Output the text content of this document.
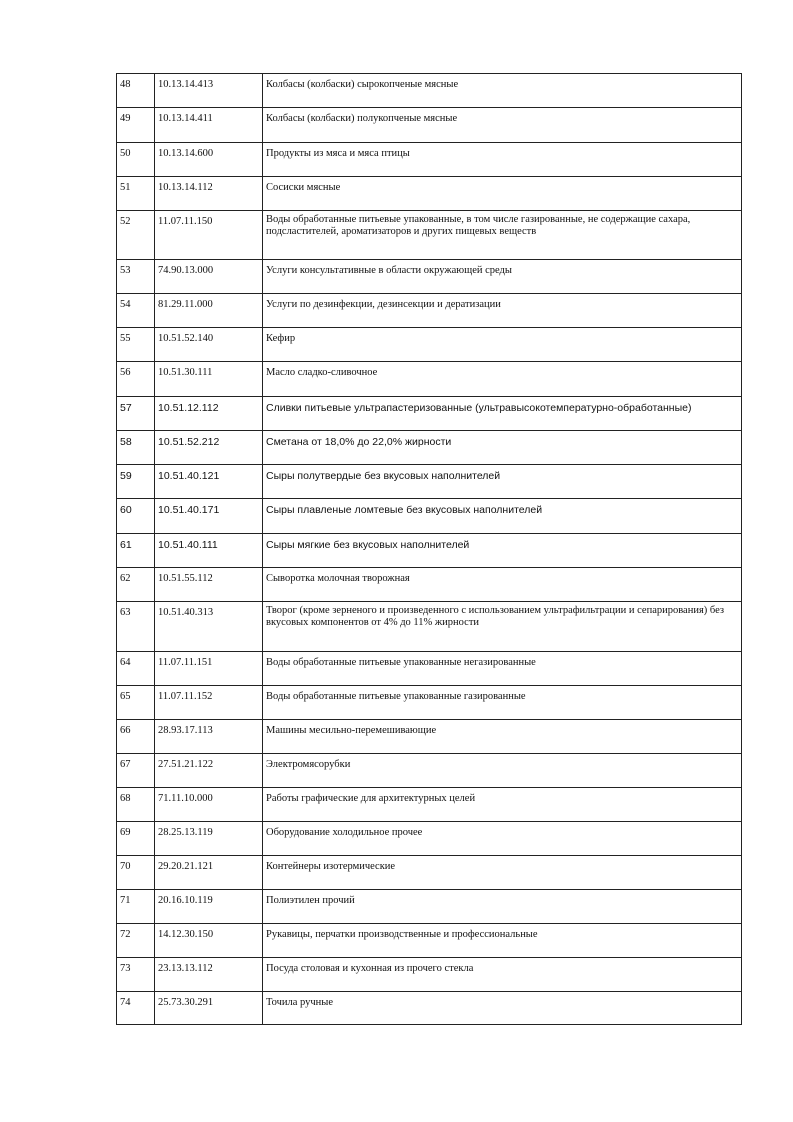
48	10.13.14.413	Колбасы (колбаски) сырокопченые мясные
49	10.13.14.411	Колбасы (колбаски) полукопченые мясные
50	10.13.14.600	Продукты из мяса и мяса птицы
51	10.13.14.112	Сосиски мясные
52	11.07.11.150	Воды обработанные питьевые упакованные, в том числе газированные, не содержащие сахара, подсластителей, ароматизаторов и других пищевых веществ
53	74.90.13.000	Услуги консультативные в области окружающей среды
54	81.29.11.000	Услуги по дезинфекции, дезинсекции и дератизации
55	10.51.52.140	Кефир
56	10.51.30.111	Масло сладко-сливочное
57	10.51.12.112	Сливки питьевые ультрапастеризованные (ультравысокотемпературно-обработанные)
58	10.51.52.212	Сметана от 18,0% до 22,0% жирности
59	10.51.40.121	Сыры полутвердые без вкусовых наполнителей
60	10.51.40.171	Сыры плавленые ломтевые без вкусовых наполнителей
61	10.51.40.111	Сыры мягкие без вкусовых наполнителей
62	10.51.55.112	Сыворотка молочная творожная
63	10.51.40.313	Творог (кроме зерненого и произведенного с использованием ультрафильтрации и сепарирования) без вкусовых компонентов от 4% до 11% жирности
64	11.07.11.151	Воды обработанные питьевые упакованные негазированные
65	11.07.11.152	Воды обработанные питьевые упакованные газированные
66	28.93.17.113	Машины месильно-перемешивающие
67	27.51.21.122	Электромясорубки
68	71.11.10.000	Работы графические для архитектурных целей
69	28.25.13.119	Оборудование холодильное прочее
70	29.20.21.121	Контейнеры изотермические
71	20.16.10.119	Полиэтилен прочий
72	14.12.30.150	Рукавицы, перчатки производственные и профессиональные
73	23.13.13.112	Посуда столовая и кухонная из прочего стекла
74	25.73.30.291	Точила ручные
